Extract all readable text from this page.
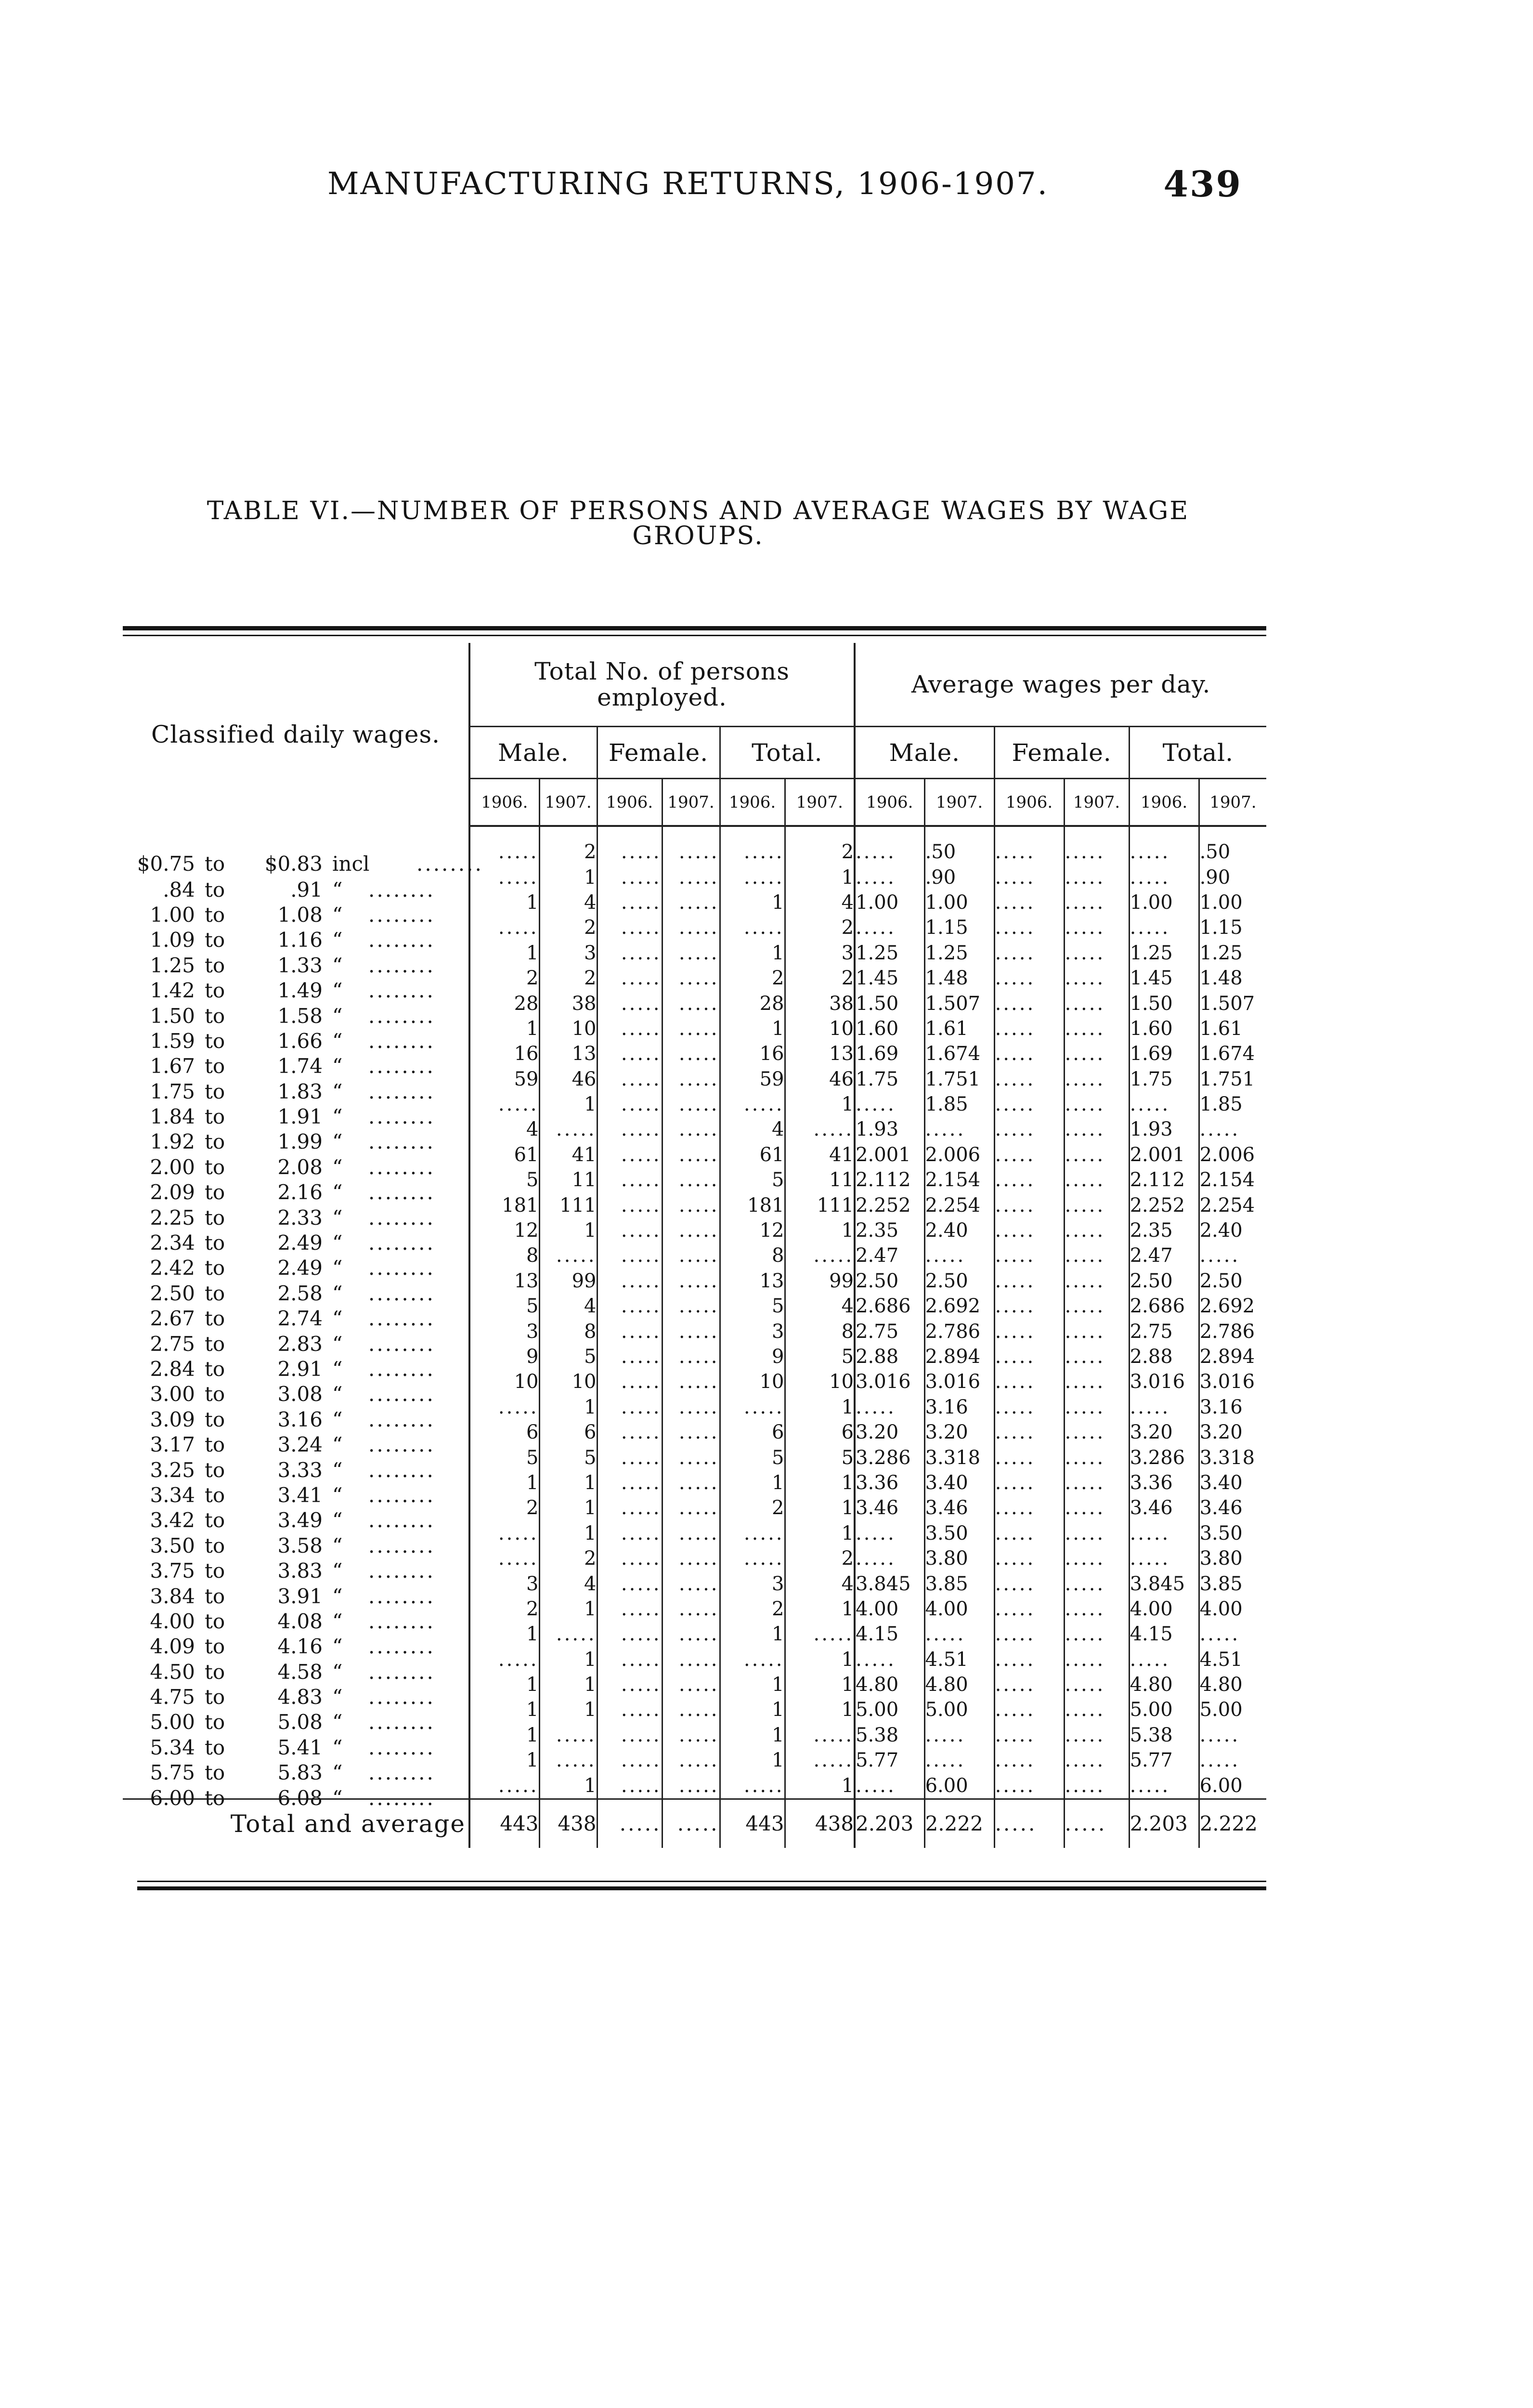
MANUFACTURING RETURNS, 1906-1907.	439
TABLE VI.—NUMBER OF PERSONS AND AVERAGE WAGES BY WAGE
GROUPS.
Classified daily wages.	Total No. of persons employed.						Average wages per day.					
	Male.		Female.		Total.		Male.		Female.		Total.	
	1906.	1907.	1906.	1907.	1906.	1907.	1906.	1907.	1906.	1907.	1906.	1907.

$0.75 to $0.83 incl ........	.....	2	.....	.....	.....	2	.....	.50	.....	.....	.....	.50

.84 to .91 “ ........	.....	1	.....	.....	.....	1	.....	.90	.....	.....	.....	.90

1.00 to 1.08 “ ........	1	4	.....	.....	1	4	1.00	1.00	.....	.....	1.00	1.00

1.09 to 1.16 “ ........	.....	2	.....	.....	.....	2	.....	1.15	.....	.....	.....	1.15

1.25 to 1.33 “ ........	1	3	.....	.....	1	3	1.25	1.25	.....	.....	1.25	1.25

1.42 to 1.49 “ ........	2	2	.....	.....	2	2	1.45	1.48	.....	.....	1.45	1.48

1.50 to 1.58 “ ........	28	38	.....	.....	28	38	1.50	1.507	.....	.....	1.50	1.507

1.59 to 1.66 “ ........	1	10	.....	.....	1	10	1.60	1.61	.....	.....	1.60	1.61

1.67 to 1.74 “ ........	16	13	.....	.....	16	13	1.69	1.674	.....	.....	1.69	1.674

1.75 to 1.83 “ ........	59	46	.....	.....	59	46	1.75	1.751	.....	.....	1.75	1.751

1.84 to 1.91 “ ........	.....	1	.....	.....	.....	1	.....	1.85	.....	.....	.....	1.85

1.92 to 1.99 “ ........	4	.....	.....	.....	4	.....	1.93	.....	.....	.....	1.93	.....

2.00 to 2.08 “ ........	61	41	.....	.....	61	41	2.001	2.006	.....	.....	2.001	2.006

2.09 to 2.16 “ ........	5	11	.....	.....	5	11	2.112	2.154	.....	.....	2.112	2.154

2.25 to 2.33 “ ........	181	111	.....	.....	181	111	2.252	2.254	.....	.....	2.252	2.254

2.34 to 2.49 “ ........	12	1	.....	.....	12	1	2.35	2.40	.....	.....	2.35	2.40

2.42 to 2.49 “ ........	8	.....	.....	.....	8	.....	2.47	.....	.....	.....	2.47	.....

2.50 to 2.58 “ ........	13	99	.....	.....	13	99	2.50	2.50	.....	.....	2.50	2.50

2.67 to 2.74 “ ........	5	4	.....	.....	5	4	2.686	2.692	.....	.....	2.686	2.692

2.75 to 2.83 “ ........	3	8	.....	.....	3	8	2.75	2.786	.....	.....	2.75	2.786

2.84 to 2.91 “ ........	9	5	.....	.....	9	5	2.88	2.894	.....	.....	2.88	2.894

3.00 to 3.08 “ ........	10	10	.....	.....	10	10	3.016	3.016	.....	.....	3.016	3.016

3.09 to 3.16 “ ........	.....	1	.....	.....	.....	1	.....	3.16	.....	.....	.....	3.16

3.17 to 3.24 “ ........	6	6	.....	.....	6	6	3.20	3.20	.....	.....	3.20	3.20

3.25 to 3.33 “ ........	5	5	.....	.....	5	5	3.286	3.318	.....	.....	3.286	3.318

3.34 to 3.41 “ ........	1	1	.....	.....	1	1	3.36	3.40	.....	.....	3.36	3.40

3.42 to 3.49 “ ........	2	1	.....	.....	2	1	3.46	3.46	.....	.....	3.46	3.46

3.50 to 3.58 “ ........	.....	1	.....	.....	.....	1	.....	3.50	.....	.....	.....	3.50

3.75 to 3.83 “ ........	.....	2	.....	.....	.....	2	.....	3.80	.....	.....	.....	3.80

3.84 to 3.91 “ ........	3	4	.....	.....	3	4	3.845	3.85	.....	.....	3.845	3.85

4.00 to 4.08 “ ........	2	1	.....	.....	2	1	4.00	4.00	.....	.....	4.00	4.00

4.09 to 4.16 “ ........	1	.....	.....	.....	1	.....	4.15	.....	.....	.....	4.15	.....

4.50 to 4.58 “ ........	.....	1	.....	.....	.....	1	.....	4.51	.....	.....	.....	4.51

4.75 to 4.83 “ ........	1	1	.....	.....	1	1	4.80	4.80	.....	.....	4.80	4.80

5.00 to 5.08 “ ........	1	1	.....	.....	1	1	5.00	5.00	.....	.....	5.00	5.00

5.34 to 5.41 “ ........	1	.....	.....	.....	1	.....	5.38	.....	.....	.....	5.38	.....

5.75 to 5.83 “ ........	1	.....	.....	.....	1	.....	5.77	.....	.....	.....	5.77	.....

6.00 to 6.08 “ ........	.....	1	.....	.....	.....	1	.....	6.00	.....	.....	.....	6.00
Total and average	443	438	.....	.....	443	438	2.203	2.222	.....	.....	2.203	2.222
